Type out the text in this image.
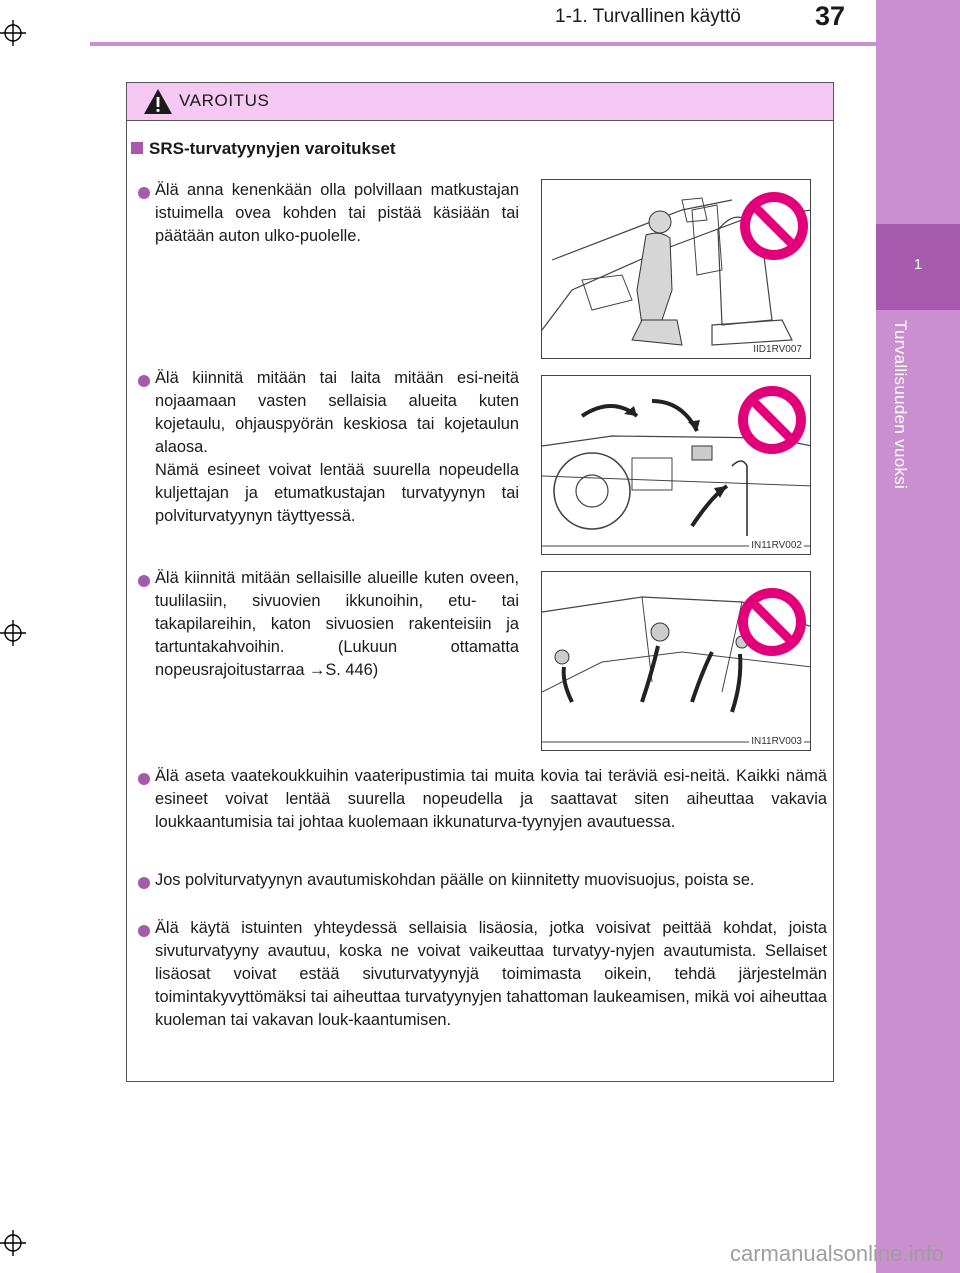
1
Turvallisuuden vuoksi
1-1. Turvallinen käyttö	37
VAROITUS
SRS-turvatyynyjen varoitukset
Älä anna kenenkään olla polvillaan matkustajan istuimella ovea kohden tai pistää käsiään tai päätään auton ulko-puolelle.
IID1RV007
Älä kiinnitä mitään tai laita mitään esi-neitä nojaamaan vasten sellaisia alueita kuten kojetaulu, ohjauspyörän keskiosa tai kojetaulun alaosa.
Nämä esineet voivat lentää suurella nopeudella kuljettajan ja etumatkustajan turvatyynyn tai polviturvatyynyn täyttyessä.
IN11RV002
Älä kiinnitä mitään sellaisille alueille kuten oveen, tuulilasiin, sivuovien ikkunoihin, etu- tai takapilareihin, katon sivuosien rakenteisiin ja tartuntakahvoihin. (Lukuun ottamatta nopeusrajoitustarraa →S. 446)
IN11RV003
Älä aseta vaatekoukkuihin vaateripustimia tai muita kovia tai teräviä esi-neitä. Kaikki nämä esineet voivat lentää suurella nopeudella ja saattavat siten aiheuttaa vakavia loukkaantumisia tai johtaa kuolemaan ikkunaturva-tyynyjen avautuessa.
Jos polviturvatyynyn avautumiskohdan päälle on kiinnitetty muovisuojus, poista se.
Älä käytä istuinten yhteydessä sellaisia lisäosia, jotka voisivat peittää kohdat, joista sivuturvatyyny avautuu, koska ne voivat vaikeuttaa turvatyy-nyjen avautumista. Sellaiset lisäosat voivat estää sivuturvatyynyjä toimimasta oikein, tehdä järjestelmän toimintakyvyttömäksi tai aiheuttaa turvatyynyjen tahattoman laukeamisen, mikä voi aiheuttaa kuoleman tai vakavan louk-kaantumisen.
carmanualsonline.info
